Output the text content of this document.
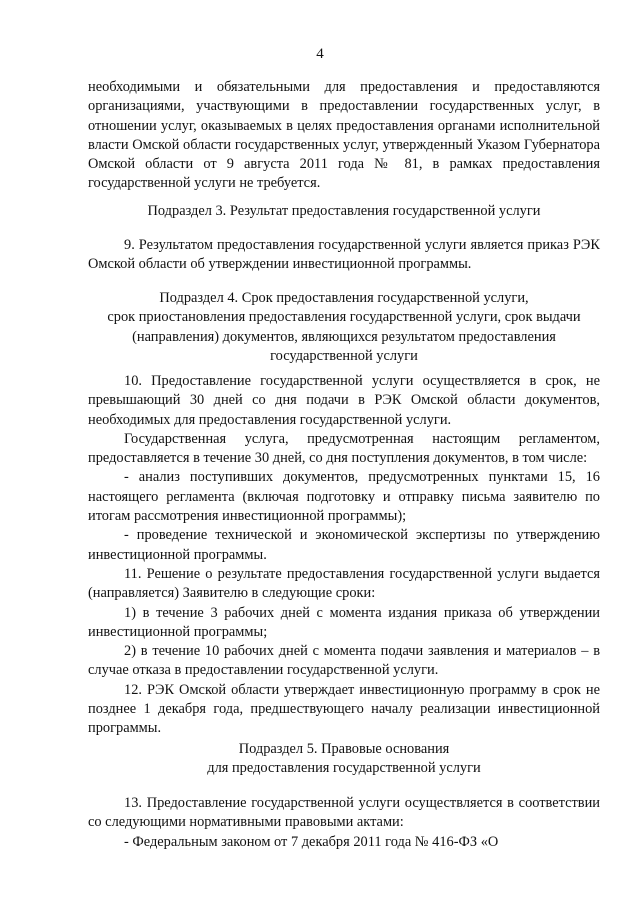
4

необходимыми и обязательными для предоставления и предоставляются организациями, участвующими в предоставлении государственных услуг, в отношении услуг, оказываемых в целях предоставления органами исполнительной власти Омской области государственных услуг, утвержденный Указом Губернатора Омской области от 9 августа 2011 года № 81, в рамках предоставления государственной услуги не требуется.

Подраздел 3. Результат предоставления государственной услуги

9. Результатом предоставления государственной услуги является приказ РЭК Омской области об утверждении инвестиционной программы.

Подраздел 4. Срок предоставления государственной услуги,

срок приостановления предоставления государственной услуги, срок выдачи

(направления) документов, являющихся результатом предоставления

государственной услуги

10. Предоставление государственной услуги осуществляется в срок, не превышающий 30 дней со дня подачи в РЭК Омской области документов, необходимых для предоставления государственной услуги.

Государственная услуга, предусмотренная настоящим регламентом, предоставляется в течение 30 дней, со дня поступления документов, в том числе:

- анализ поступивших документов, предусмотренных пунктами 15, 16 настоящего регламента (включая подготовку и отправку письма заявителю по итогам рассмотрения инвестиционной программы);

- проведение технической и экономической экспертизы по утверждению инвестиционной программы.

11. Решение о результате предоставления государственной услуги выдается (направляется) Заявителю в следующие сроки:

1) в течение 3 рабочих дней с момента издания приказа об утверждении инвестиционной программы;

2) в течение 10 рабочих дней с момента подачи заявления и материалов – в случае отказа в предоставлении государственной услуги.

12. РЭК Омской области утверждает инвестиционную программу в срок не позднее 1 декабря года, предшествующего началу реализации инвестиционной программы.

Подраздел 5. Правовые основания

для предоставления государственной услуги

13. Предоставление государственной услуги осуществляется в соответствии со следующими нормативными правовыми актами:

- Федеральным законом от 7 декабря 2011 года № 416-ФЗ «О
